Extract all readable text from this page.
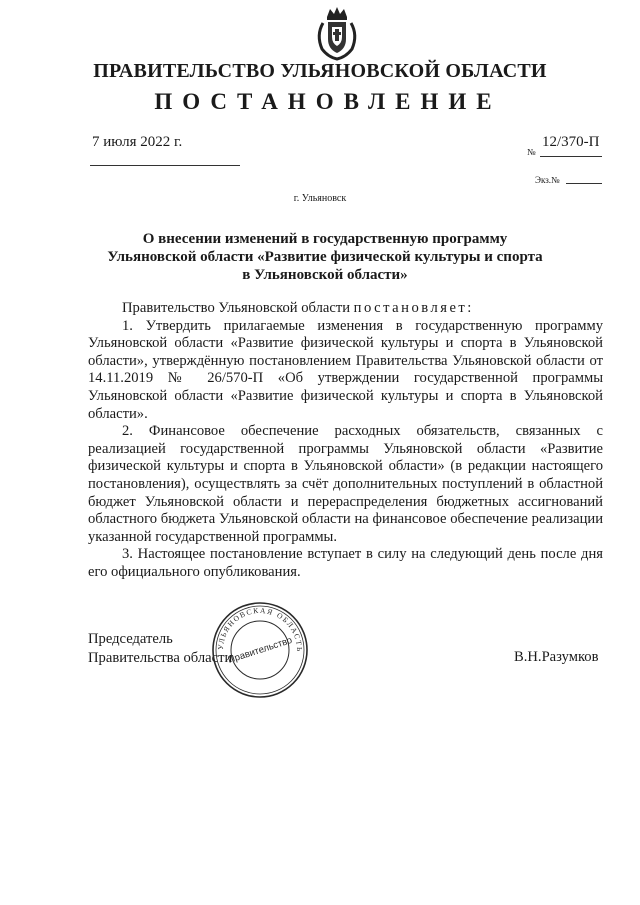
ПРАВИТЕЛЬСТВО УЛЬЯНОВСКОЙ ОБЛАСТИ
ПОСТАНОВЛЕНИЕ
7 июля 2022 г.	12/370-П
№
Экз.№
г. Ульяновск
О внесении изменений в государственную программу
Ульяновской области «Развитие физической культуры и спорта
в Ульяновской области»

Правительство Ульяновской области постановляет:

1. Утвердить прилагаемые изменения в государственную программу Ульяновской области «Развитие физической культуры и спорта в Ульяновской области», утверждённую постановлением Правительства Ульяновской области от 14.11.2019 № 26/570-П «Об утверждении государственной программы Ульяновской области «Развитие физической культуры и спорта в Ульяновской области».

2. Финансовое обеспечение расходных обязательств, связанных с реализацией государственной программы Ульяновской области «Развитие физической культуры и спорта в Ульяновской области» (в редакции настоящего постановления), осуществлять за счёт дополнительных поступлений в областной бюджет Ульяновской области и перераспределения бюджетных ассигнований областного бюджета Ульяновской области на финансовое обеспечение реализации указанной государственной программы.

3. Настоящее постановление вступает в силу на следующий день после дня его официального опубликования.

Председатель
Правительства области	В.Н.Разумков
УЛЬЯНОВСКАЯ ОБЛАСТЬ
Правительство
